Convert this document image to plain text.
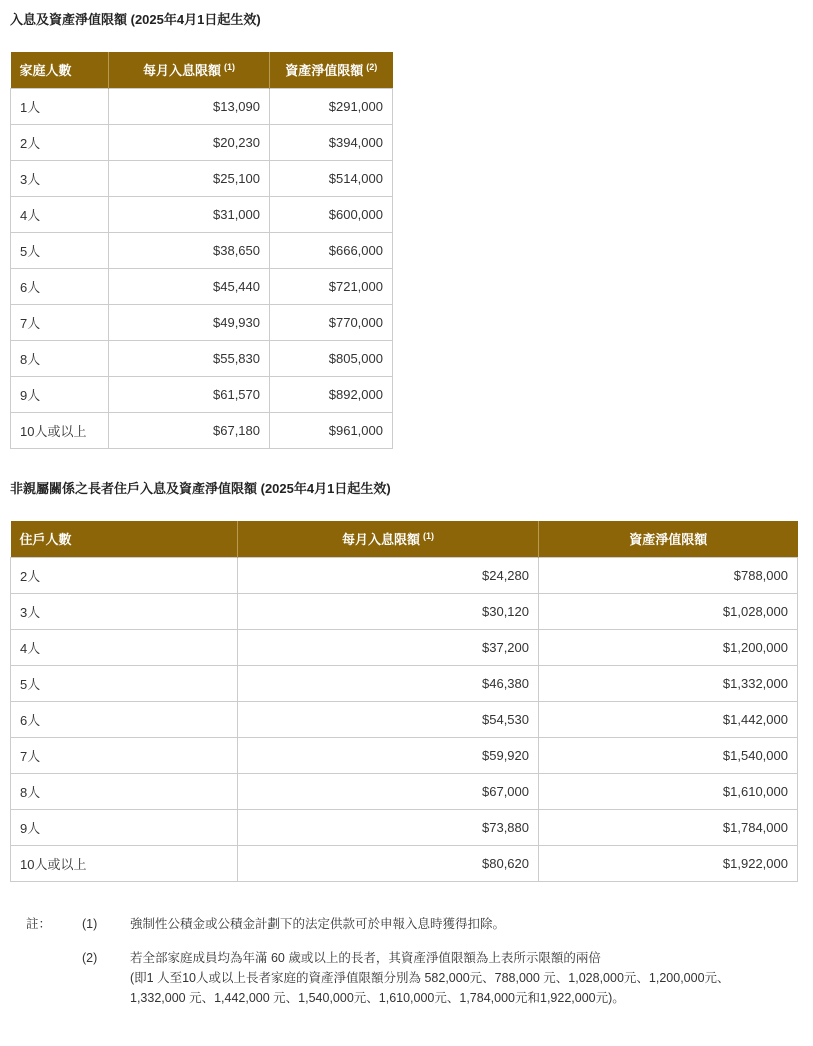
入息及資產淨值限額 (2025年4月1日起生效)
家庭人數	每月入息限額 $^{(1)}$	資產淨值限額 $^{(2)}$
1人	$13,090	$291,000
2人	$20,230	$394,000
3人	$25,100	$514,000
4人	$31,000	$600,000
5人	$38,650	$666,000
6人	$45,440	$721,000
7人	$49,930	$770,000
8人	$55,830	$805,000
9人	$61,570	$892,000
10人或以上	$67,180	$961,000
非親屬關係之長者住戶入息及資產淨值限額 (2025年4月1日起生效)
住戶人數	每月入息限額 $^{(1)}$	資產淨值限額
2人	$24,280	$788,000
3人	$30,120	$1,028,000
4人	$37,200	$1,200,000
5人	$46,380	$1,332,000
6人	$54,530	$1,442,000
7人	$59,920	$1,540,000
8人	$67,000	$1,610,000
9人	$73,880	$1,784,000
10人或以上	$80,620	$1,922,000
註： (1)	強制性公積金或公積金計劃下的法定供款可於申報入息時獲得扣除。
(2)	若全部家庭成員均為年滿 60 歲或以上的長者，其資產淨值限額為上表所示限額的兩倍
(即1 人至10人或以上長者家庭的資產淨值限額分別為 582,000元、788,000 元、1,028,000元、1,200,000元、
1,332,000 元、1,442,000 元、1,540,000元、1,610,000元、1,784,000元和1,922,000元)。
